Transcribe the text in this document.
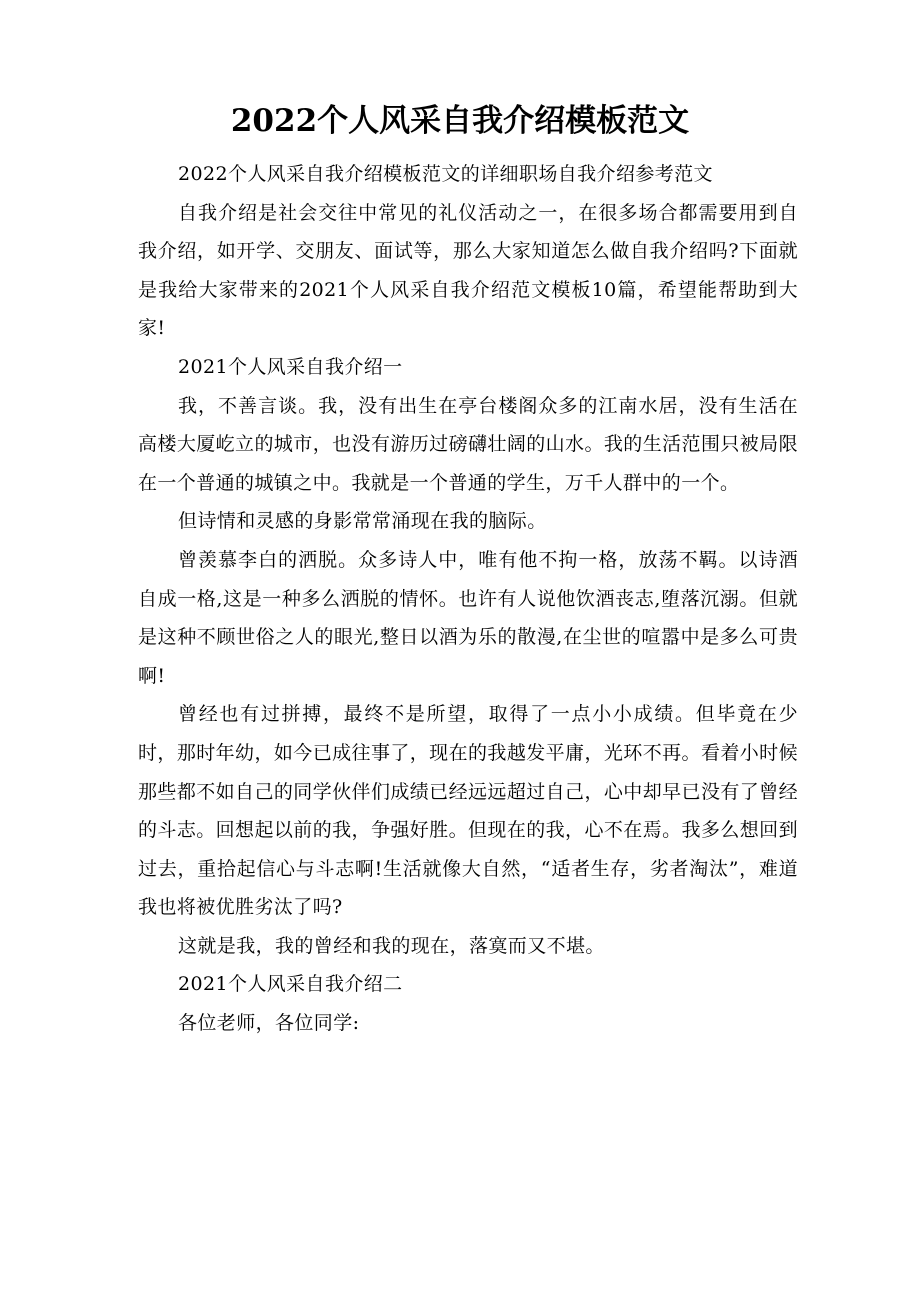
2022个人风采自我介绍模板范文

2022个人风采自我介绍模板范文的详细职场自我介绍参考范文

自我介绍是社会交往中常见的礼仪活动之一，在很多场合都需要用到自我介绍，如开学、交朋友、面试等，那么大家知道怎么做自我介绍吗?下面就是我给大家带来的2021个人风采自我介绍范文模板10篇，希望能帮助到大家!

2021个人风采自我介绍一

我，不善言谈。我，没有出生在亭台楼阁众多的江南水居，没有生活在高楼大厦屹立的城市，也没有游历过磅礴壮阔的山水。我的生活范围只被局限在一个普通的城镇之中。我就是一个普通的学生，万千人群中的一个。

但诗情和灵感的身影常常涌现在我的脑际。

曾羡慕李白的洒脱。众多诗人中，唯有他不拘一格，放荡不羁。以诗酒自成一格,这是一种多么洒脱的情怀。也许有人说他饮酒丧志,堕落沉溺。但就是这种不顾世俗之人的眼光,整日以酒为乐的散漫,在尘世的喧嚣中是多么可贵啊!

曾经也有过拼搏，最终不是所望，取得了一点小小成绩。但毕竟在少时，那时年幼，如今已成往事了，现在的我越发平庸，光环不再。看着小时候那些都不如自己的同学伙伴们成绩已经远远超过自己，心中却早已没有了曾经的斗志。回想起以前的我，争强好胜。但现在的我，心不在焉。我多么想回到过去，重拾起信心与斗志啊!生活就像大自然，“适者生存，劣者淘汰”，难道我也将被优胜劣汰了吗?

这就是我，我的曾经和我的现在，落寞而又不堪。

2021个人风采自我介绍二

各位老师，各位同学:
